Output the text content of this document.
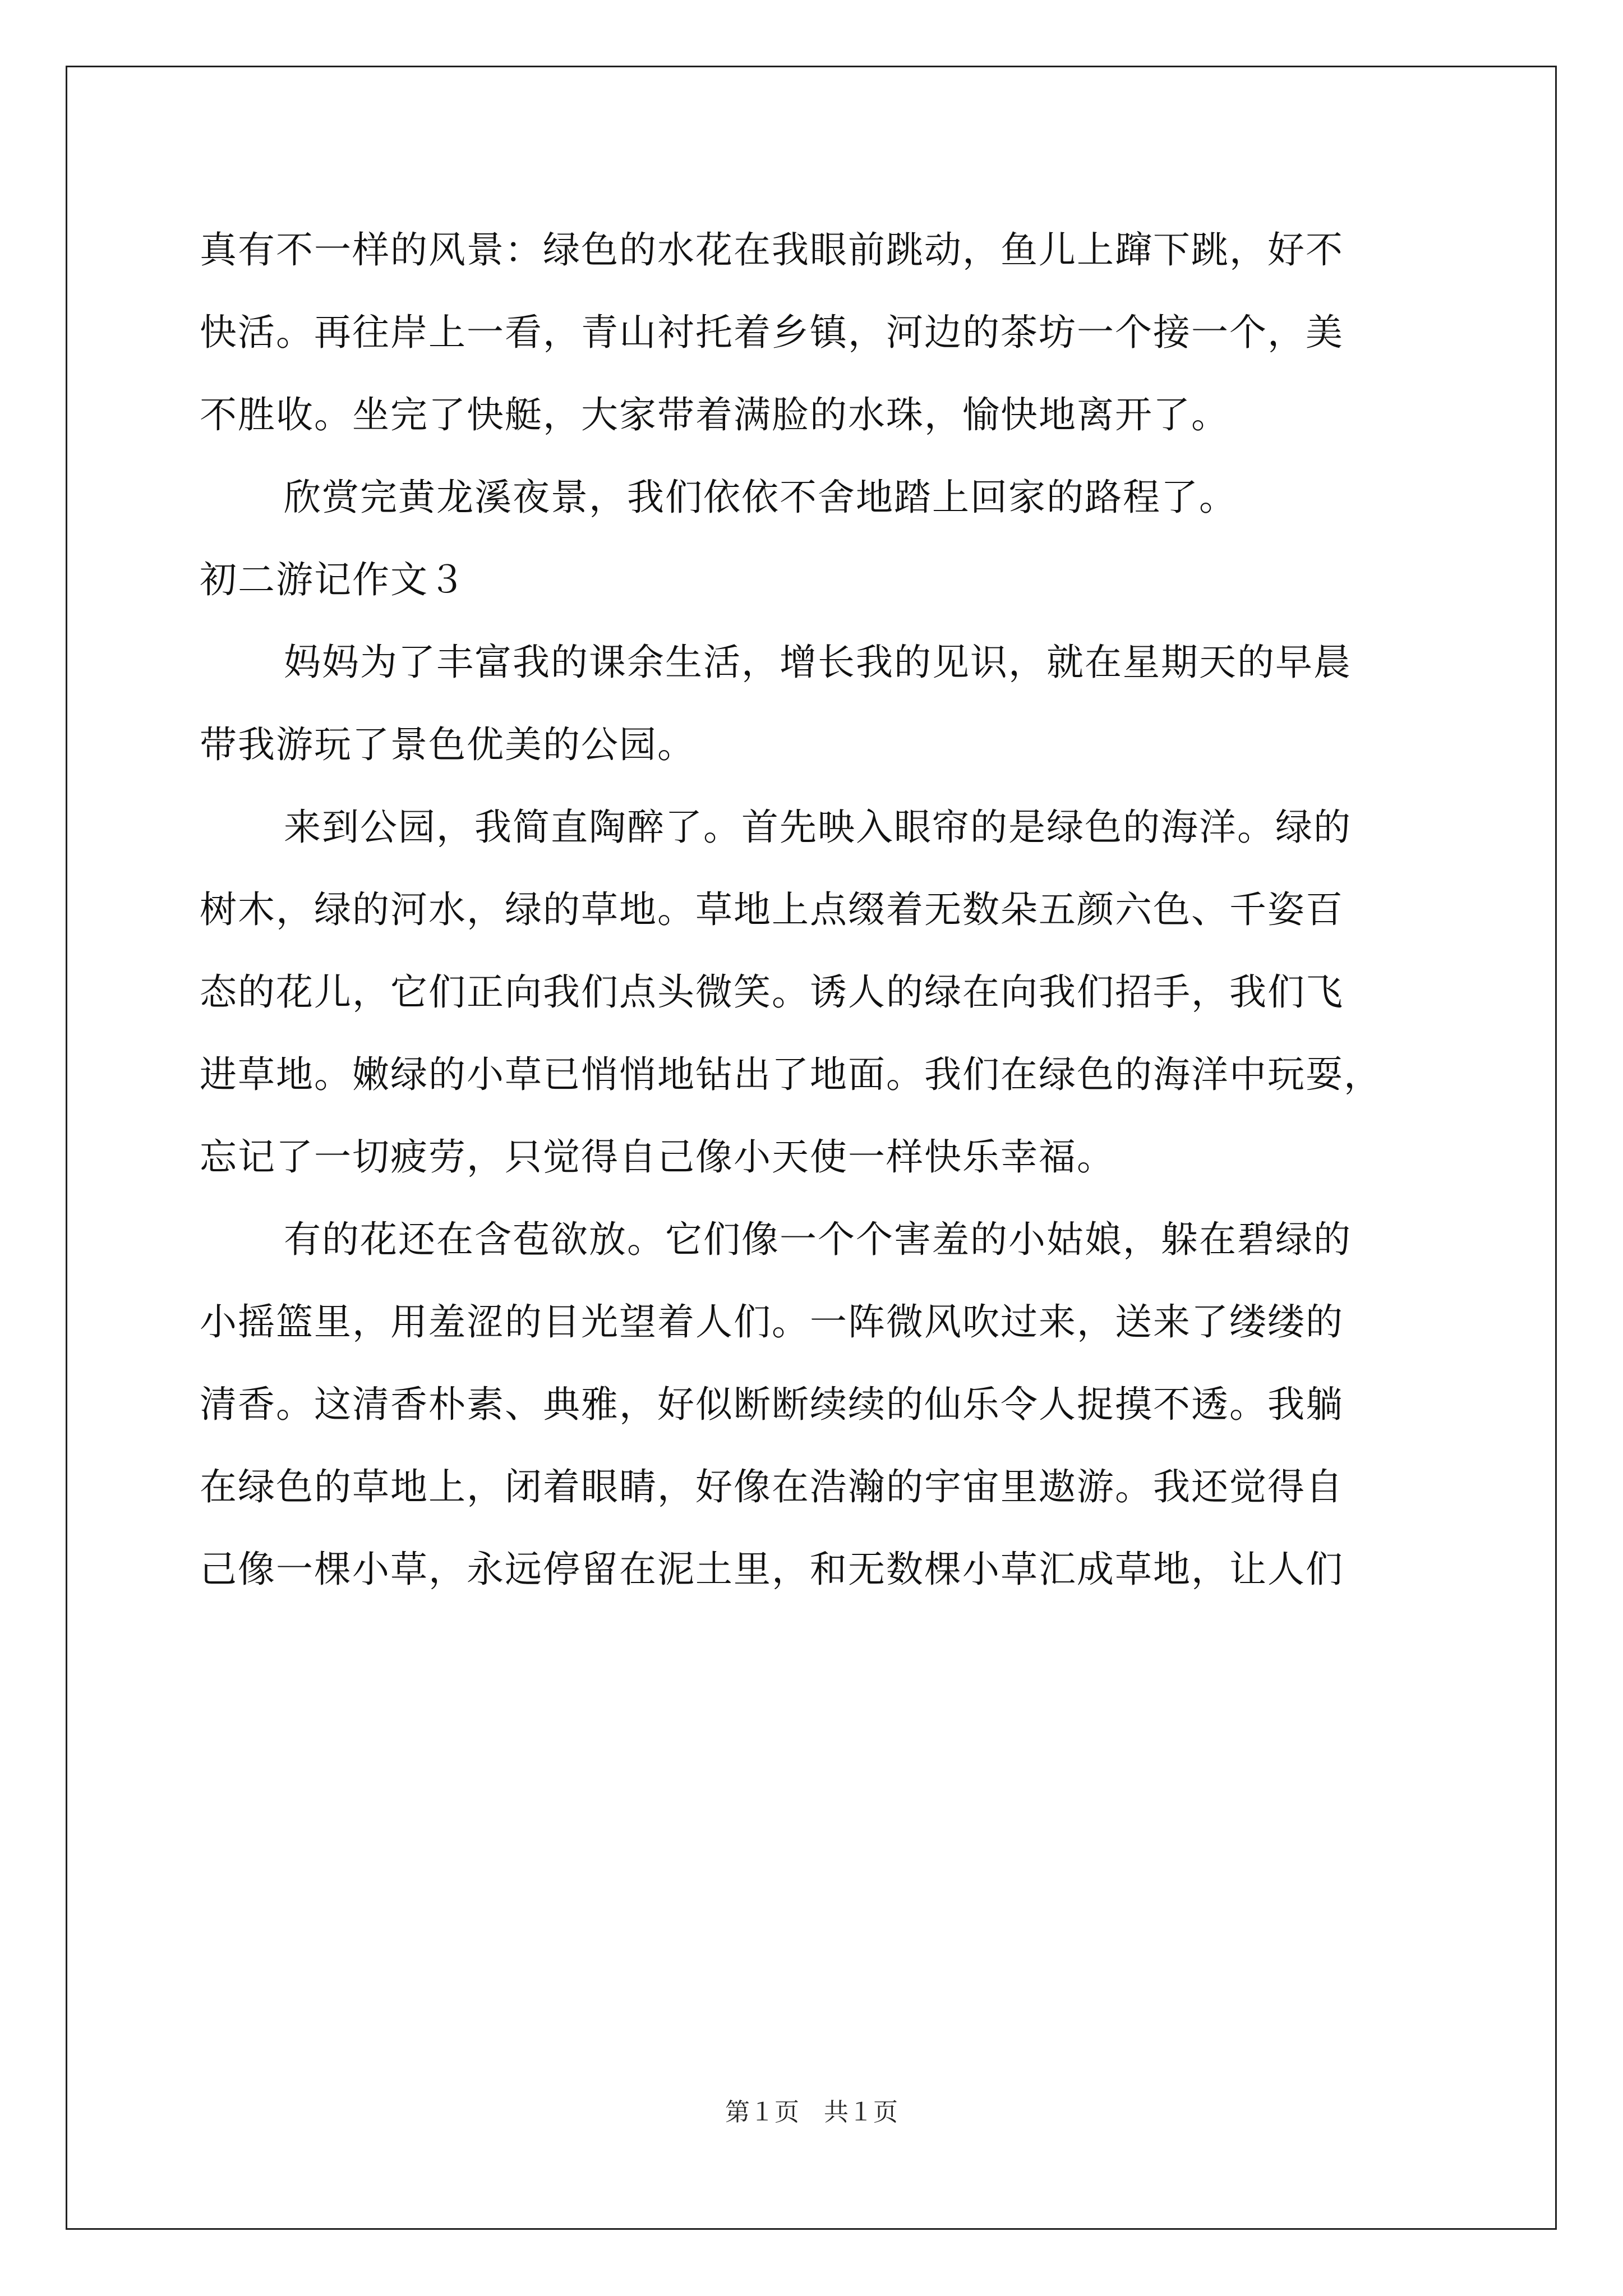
真有不一样的风景：绿色的水花在我眼前跳动，鱼儿上蹿下跳，好不
快活。再往岸上一看，青山衬托着乡镇，河边的茶坊一个接一个，美
不胜收。坐完了快艇，大家带着满脸的水珠，愉快地离开了。
欣赏完黄龙溪夜景，我们依依不舍地踏上回家的路程了。
初二游记作文３
妈妈为了丰富我的课余生活，增长我的见识，就在星期天的早晨
带我游玩了景色优美的公园。
来到公园，我简直陶醉了。首先映入眼帘的是绿色的海洋。绿的
树木，绿的河水，绿的草地。草地上点缀着无数朵五颜六色、千姿百
态的花儿，它们正向我们点头微笑。诱人的绿在向我们招手，我们飞
进草地。嫩绿的小草已悄悄地钻出了地面。我们在绿色的海洋中玩耍，
忘记了一切疲劳，只觉得自己像小天使一样快乐幸福。
有的花还在含苞欲放。它们像一个个害羞的小姑娘，躲在碧绿的
小摇篮里，用羞涩的目光望着人们。一阵微风吹过来，送来了缕缕的
清香。这清香朴素、典雅，好似断断续续的仙乐令人捉摸不透。我躺
在绿色的草地上，闭着眼睛，好像在浩瀚的宇宙里遨游。我还觉得自
己像一棵小草，永远停留在泥土里，和无数棵小草汇成草地，让人们
第１页　共１页
